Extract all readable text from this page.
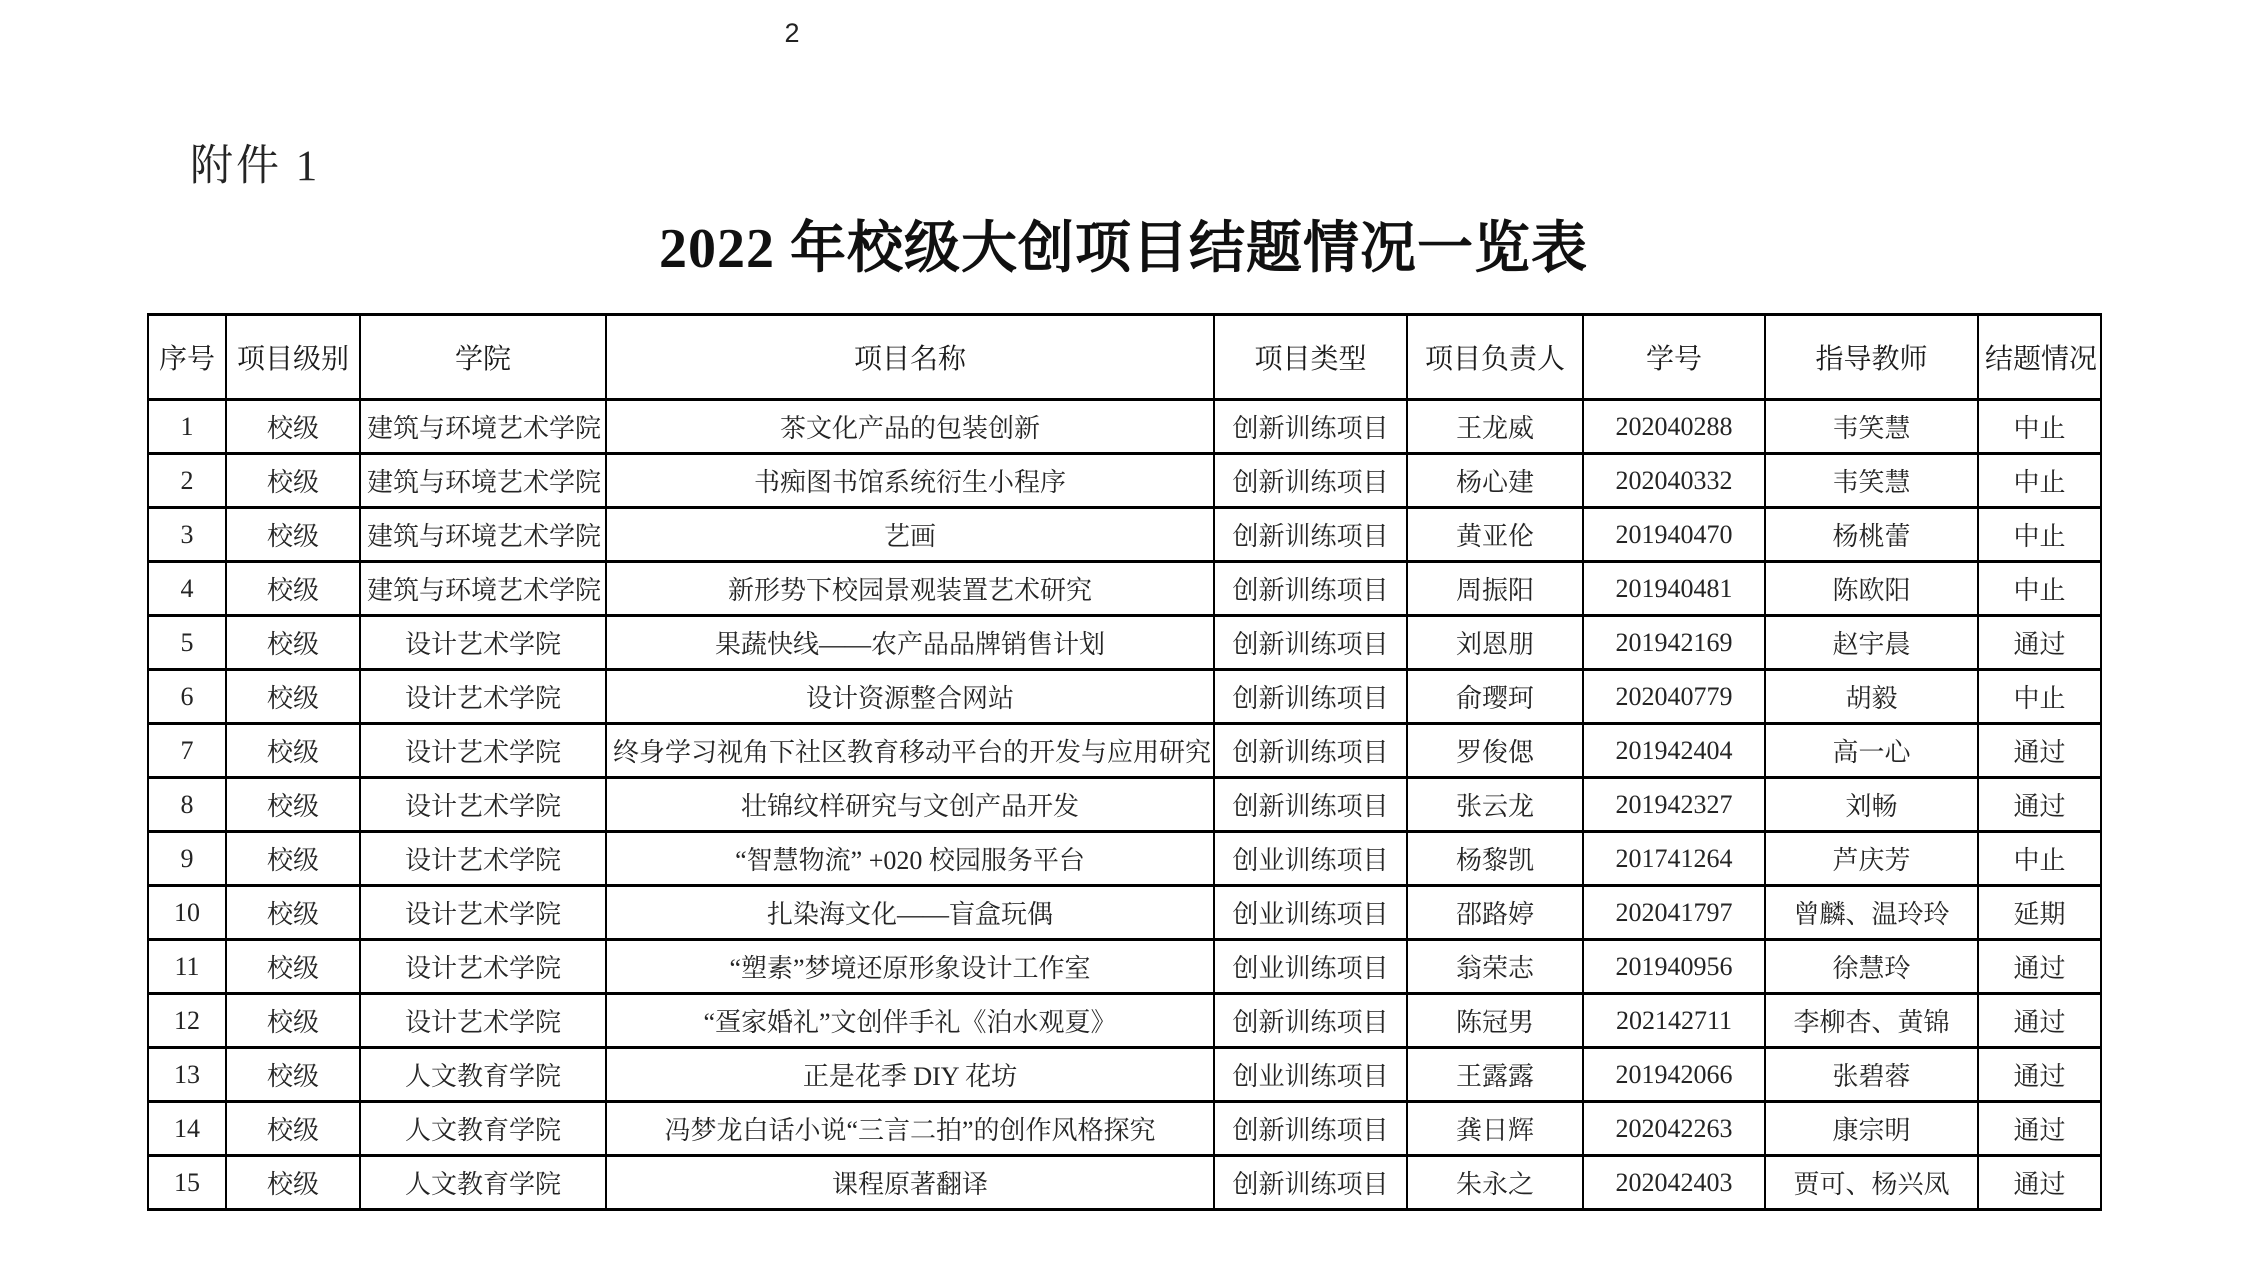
2
附件 1
2022 年校级大创项目结题情况一览表
序号	项目级别	学院	项目名称	项目类型	项目负责人	学号	指导教师	结题情况
1	校级	建筑与环境艺术学院	茶文化产品的包装创新	创新训练项目	王龙威	202040288	韦笑慧	中止
2	校级	建筑与环境艺术学院	书痴图书馆系统衍生小程序	创新训练项目	杨心建	202040332	韦笑慧	中止
3	校级	建筑与环境艺术学院	艺画	创新训练项目	黄亚伦	201940470	杨桃蕾	中止
4	校级	建筑与环境艺术学院	新形势下校园景观装置艺术研究	创新训练项目	周振阳	201940481	陈欧阳	中止
5	校级	设计艺术学院	果蔬快线——农产品品牌销售计划	创新训练项目	刘恩朋	201942169	赵宇晨	通过
6	校级	设计艺术学院	设计资源整合网站	创新训练项目	俞璎珂	202040779	胡毅	中止
7	校级	设计艺术学院	终身学习视角下社区教育移动平台的开发与应用研究	创新训练项目	罗俊偲	201942404	高一心	通过
8	校级	设计艺术学院	壮锦纹样研究与文创产品开发	创新训练项目	张云龙	201942327	刘畅	通过
9	校级	设计艺术学院	“智慧物流” +020 校园服务平台	创业训练项目	杨黎凯	201741264	芦庆芳	中止
10	校级	设计艺术学院	扎染海文化——盲盒玩偶	创业训练项目	邵路婷	202041797	曾麟、温玲玲	延期
11	校级	设计艺术学院	“塑素”梦境还原形象设计工作室	创业训练项目	翁荣志	201940956	徐慧玲	通过
12	校级	设计艺术学院	“疍家婚礼”文创伴手礼《泊水观夏》	创新训练项目	陈冠男	202142711	李柳杏、黄锦	通过
13	校级	人文教育学院	正是花季 DIY 花坊	创业训练项目	王露露	201942066	张碧蓉	通过
14	校级	人文教育学院	冯梦龙白话小说“三言二拍”的创作风格探究	创新训练项目	龚日辉	202042263	康宗明	通过
15	校级	人文教育学院	课程原著翻译	创新训练项目	朱永之	202042403	贾可、杨兴凤	通过
